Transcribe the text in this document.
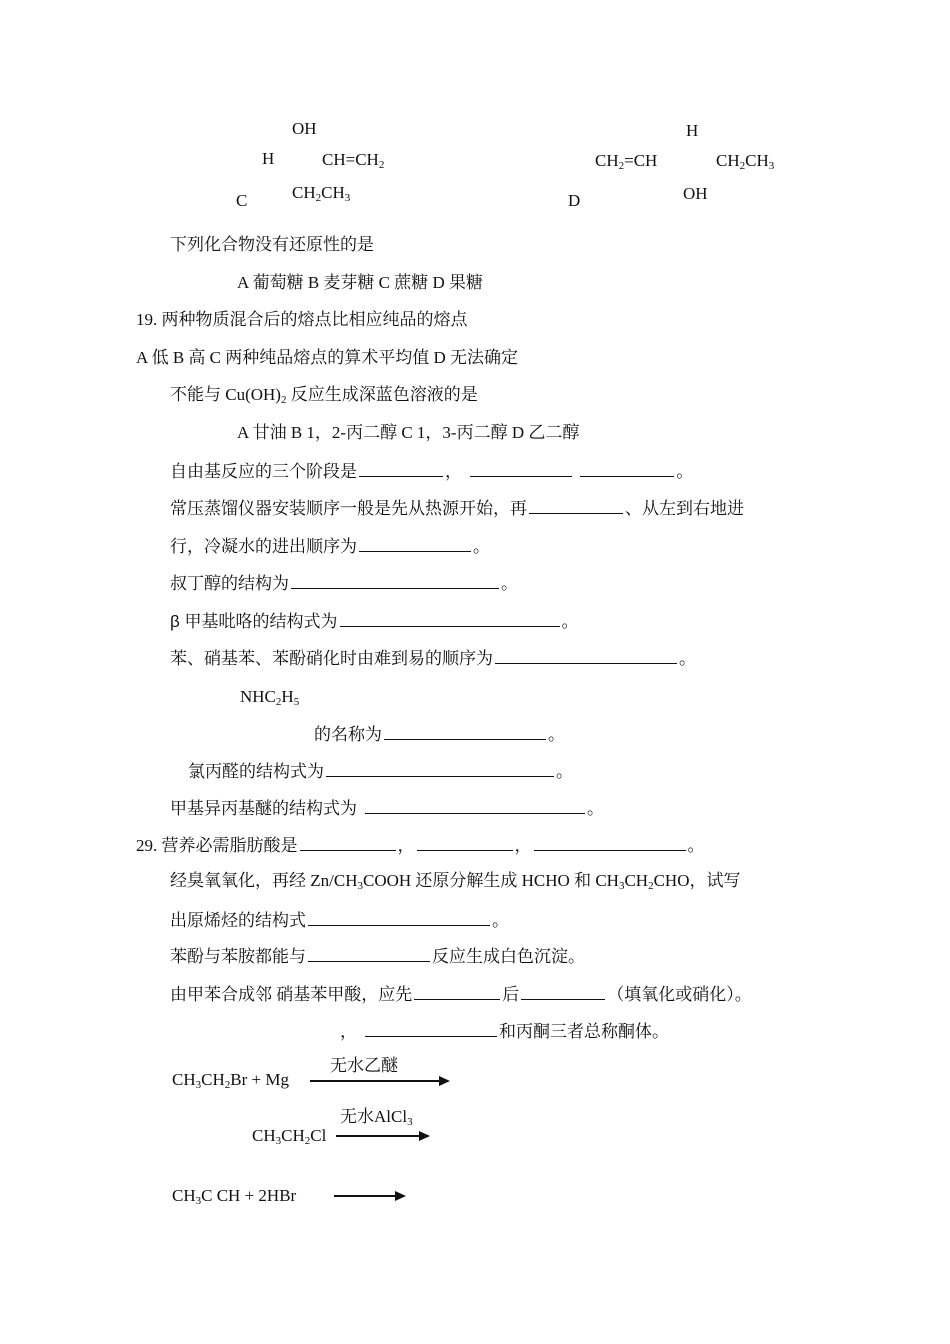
OH
H	$CH=CH_2$
$CH_2CH_3$
C
H
$CH_2=CH$	$CH_2CH_3$
OH
D
下列化合物没有还原性的是
A 葡萄糖 B 麦芽糖 C 蔗糖 D 果糖
19. 两种物质混合后的熔点比相应纯品的熔点
A 低 B 高 C 两种纯品熔点的算术平均值 D 无法确定
不能与 $Cu(OH)_2$ 反应生成深蓝色溶液的是
A 甘油 B 1，2-丙二醇 C 1，3-丙二醇 D 乙二醇
自由基反应的三个阶段是	，	。
常压蒸馏仪器安装顺序一般是先从热源开始，再	、从左到右地进
行，冷凝水的进出顺序为	。
叔丁醇的结构为	。
β 甲基吡咯的结构式为	。
苯、硝基苯、苯酚硝化时由难到易的顺序为	。
$NHC_2H_5$
的名称为	。
氯丙醛的结构式为	。
甲基异丙基醚的结构式为	。
29. 营养必需脂肪酸是	，	，	。
经臭氧氧化，再经 $Zn/CH_3COOH$ 还原分解生成 HCHO 和 $CH_3CH_2CHO$，试写
出原烯烃的结构式	。
苯酚与苯胺都能与	反应生成白色沉淀。
由甲苯合成邻 硝基苯甲酸，应先	后	（填氧化或硝化）。
，	和丙酮三者总称酮体。
无水乙醚
$CH_3CH_2Br + Mg$
无水AlCl$_3$
$CH_3CH_2Cl$
$CH_3C$ CH + 2HBr
